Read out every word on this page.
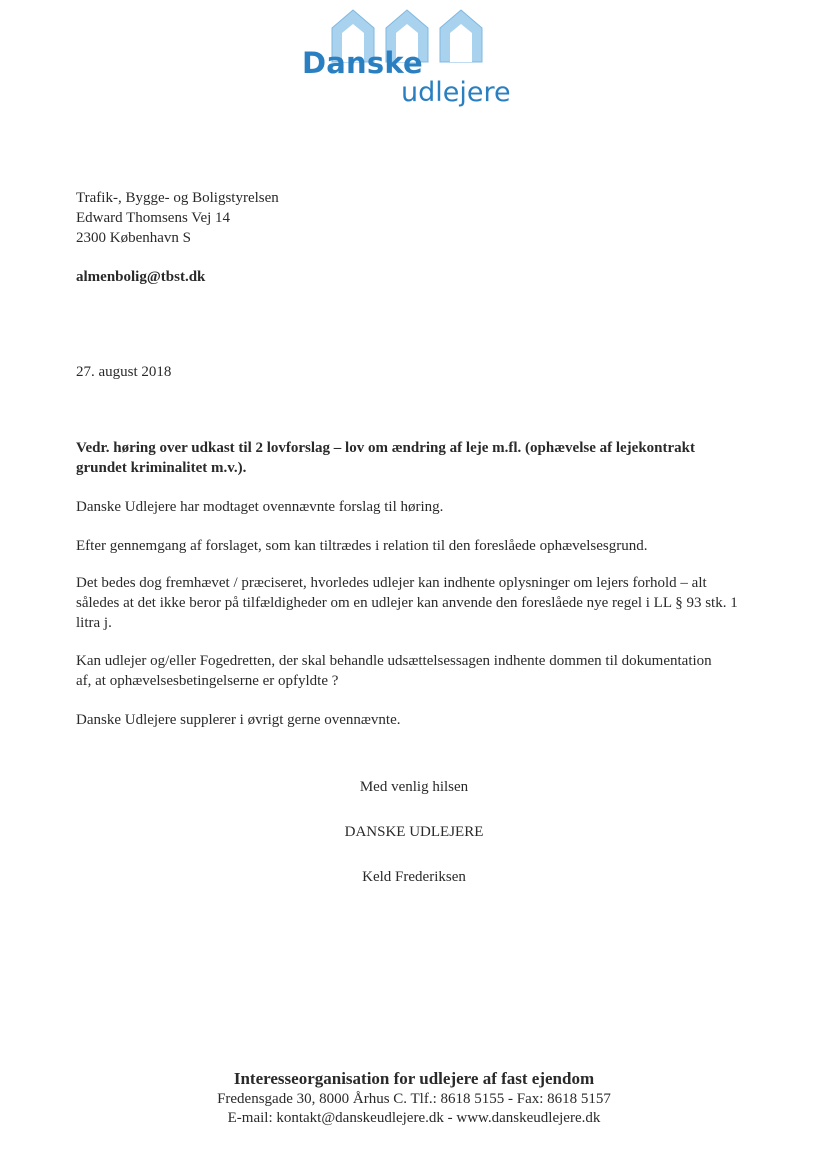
Danske
udlejere
Trafik-, Bygge- og Boligstyrelsen
Edward Thomsens Vej 14
2300 København S
almenbolig@tbst.dk
27. august 2018
Vedr. høring over udkast til 2 lovforslag – lov om ændring af leje m.fl. (ophævelse af lejekontrakt grundet kriminalitet m.v.).
Danske Udlejere har modtaget ovennævnte forslag til høring.
Efter gennemgang af forslaget, som kan tiltrædes i relation til den foreslåede ophævelsesgrund.
Det bedes dog fremhævet / præciseret, hvorledes udlejer kan indhente oplysninger om lejers forhold – alt således at det ikke beror på tilfældigheder om en udlejer kan anvende den foreslåede nye regel i LL § 93 stk. 1 litra j.
Kan udlejer og/eller Fogedretten, der skal behandle udsættelsessagen indhente dommen til dokumentation af, at ophævelsesbetingelserne er opfyldte ?
Danske Udlejere supplerer i øvrigt gerne ovennævnte.
Med venlig hilsen
DANSKE UDLEJERE
Keld Frederiksen
Interesseorganisation for udlejere af fast ejendom
Fredensgade 30, 8000 Århus C. Tlf.: 8618 5155 - Fax: 8618 5157
E-mail: kontakt@danskeudlejere.dk - www.danskeudlejere.dk
